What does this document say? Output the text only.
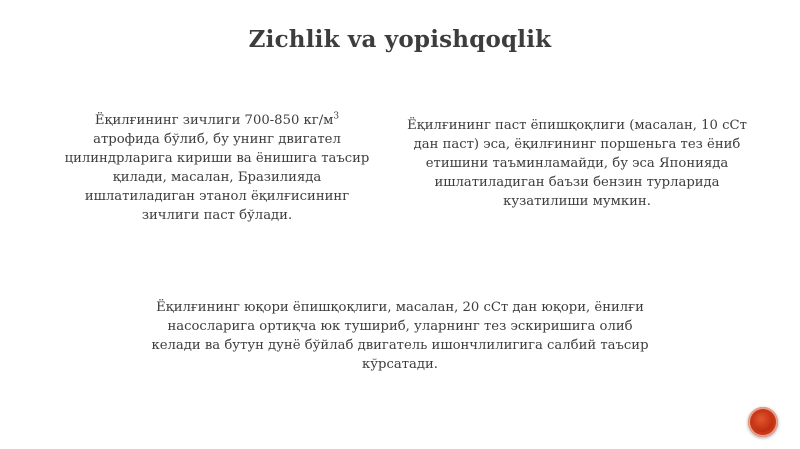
Zichlik va yopishqoqlik
Ёқилғининг зичлиги 700-850 $кг/м^3$ атрофида бўлиб, бу унинг двигател цилиндрларига кириши ва ёнишига таъсир қилади, масалан, Бразилияда ишлатиладиган этанол ёқилғисининг зичлиги паст бўлади.
Ёқилғининг паст ёпишқоқлиги (масалан, 10 сСт дан паст) эса, ёқилғининг поршеньга тез ёниб етишини таъминламайди, бу эса Японияда ишлатиладиган баъзи бензин турларида кузатилиши мумкин.
Ёқилғининг юқори ёпишқоқлиги, масалан, 20 сСт дан юқори, ёнилғи насосларига ортиқча юк тушириб, уларнинг тез эскиришига олиб келади ва бутун дунё бўйлаб двигатель ишончлилигига салбий таъсир кўрсатади.
